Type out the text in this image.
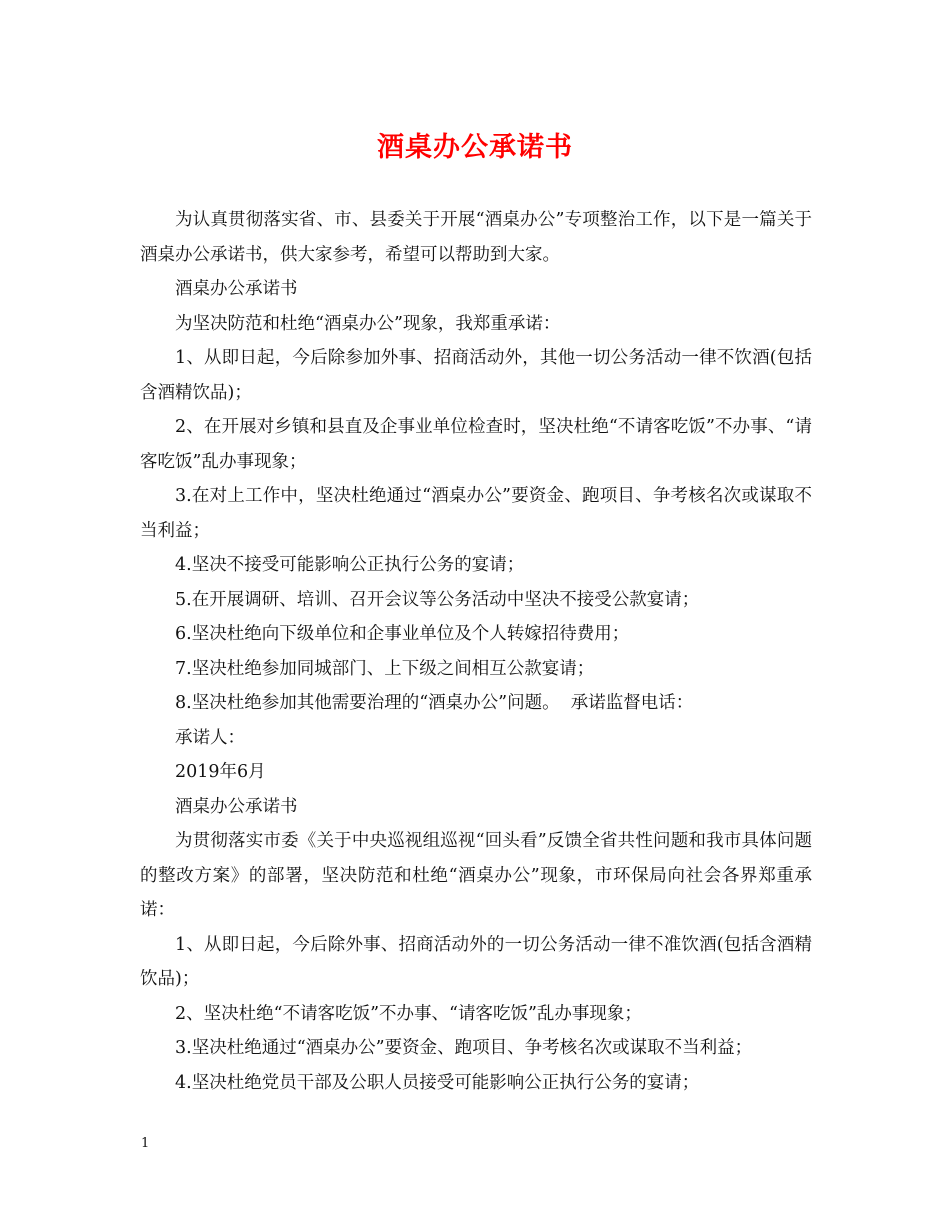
酒桌办公承诺书

为认真贯彻落实省、市、县委关于开展“酒桌办公”专项整治工作，以下是一篇关于酒桌办公承诺书，供大家参考，希望可以帮助到大家。

酒桌办公承诺书

为坚决防范和杜绝“酒桌办公”现象，我郑重承诺：

1、从即日起，今后除参加外事、招商活动外，其他一切公务活动一律不饮酒(包括含酒精饮品)；

2、在开展对乡镇和县直及企事业单位检查时，坚决杜绝“不请客吃饭”不办事、“请客吃饭”乱办事现象；

3.在对上工作中，坚决杜绝通过“酒桌办公”要资金、跑项目、争考核名次或谋取不当利益；

4.坚决不接受可能影响公正执行公务的宴请；

5.在开展调研、培训、召开会议等公务活动中坚决不接受公款宴请；

6.坚决杜绝向下级单位和企事业单位及个人转嫁招待费用；

7.坚决杜绝参加同城部门、上下级之间相互公款宴请；

8.坚决杜绝参加其他需要治理的“酒桌办公”问题。  承诺监督电话：

承诺人：

2019年6月

酒桌办公承诺书

为贯彻落实市委《关于中央巡视组巡视“回头看”反馈全省共性问题和我市具体问题的整改方案》的部署，坚决防范和杜绝“酒桌办公”现象，市环保局向社会各界郑重承诺：

1、从即日起，今后除外事、招商活动外的一切公务活动一律不准饮酒(包括含酒精饮品)；

2、坚决杜绝“不请客吃饭”不办事、“请客吃饭”乱办事现象；

3.坚决杜绝通过“酒桌办公”要资金、跑项目、争考核名次或谋取不当利益；

4.坚决杜绝党员干部及公职人员接受可能影响公正执行公务的宴请；

1
